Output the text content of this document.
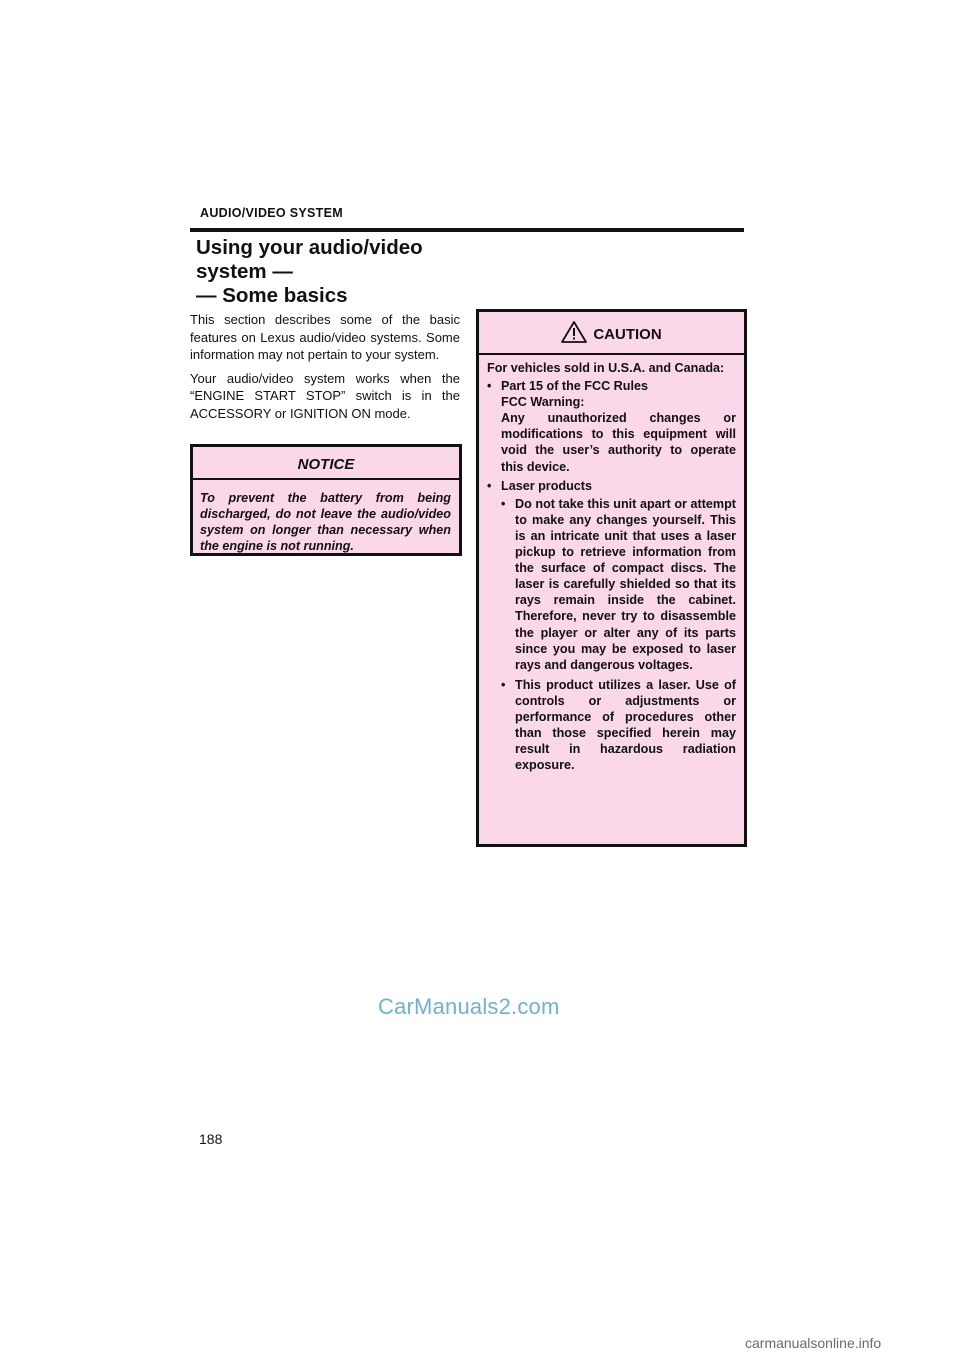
AUDIO/VIDEO SYSTEM
Using your audio/video
system —
— Some basics

This section describes some of the basic features on Lexus audio/video systems. Some information may not pertain to your system.

Your audio/video system works when the “ENGINE START STOP” switch is in the ACCESSORY or IGNITION ON mode.

NOTICE
To prevent the battery from being discharged, do not leave the audio/video system on longer than necessary when the engine is not running.
CAUTION

For vehicles sold in U.S.A. and Canada:

• Part 15 of the FCC Rules

FCC Warning:

Any unauthorized changes or modifications to this equipment will void the user’s authority to operate this device.

• Laser products

• Do not take this unit apart or attempt to make any changes yourself. This is an intricate unit that uses a laser pickup to retrieve information from the surface of compact discs. The laser is carefully shielded so that its rays remain inside the cabinet. Therefore, never try to disassemble the player or alter any of its parts since you may be exposed to laser rays and dangerous voltages.

• This product utilizes a laser. Use of controls or adjustments or performance of procedures other than those specified herein may result in hazardous radiation exposure.

CarManuals2.com
188
carmanualsonline.info
